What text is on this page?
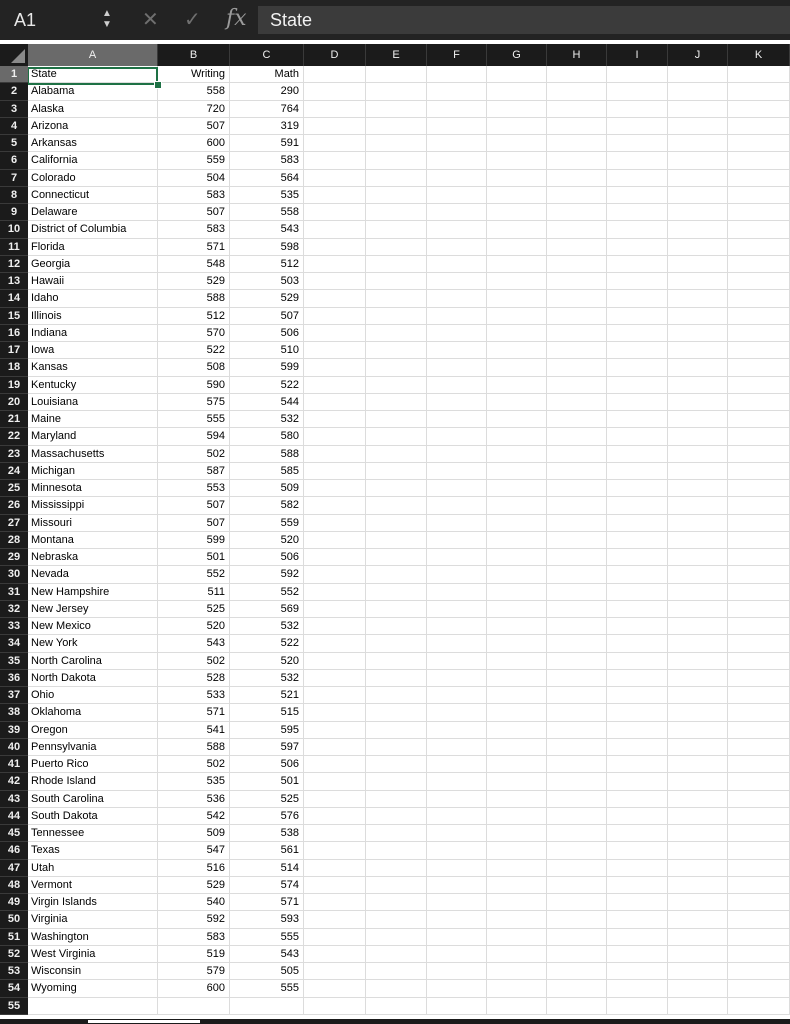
A1	▲
▼ ✕ ✓ fx	State
State	Writing	Math
Alabama	558	290
Alaska	720	764
Arizona	507	319
Arkansas	600	591
California	559	583
Colorado	504	564
Connecticut	583	535
Delaware	507	558
District of Columbia	583	543
Florida	571	598
Georgia	548	512
Hawaii	529	503
Idaho	588	529
Illinois	512	507
Indiana	570	506
Iowa	522	510
Kansas	508	599
Kentucky	590	522
Louisiana	575	544
Maine	555	532
Maryland	594	580
Massachusetts	502	588
Michigan	587	585
Minnesota	553	509
Mississippi	507	582
Missouri	507	559
Montana	599	520
Nebraska	501	506
Nevada	552	592
New Hampshire	511	552
New Jersey	525	569
New Mexico	520	532
New York	543	522
North Carolina	502	520
North Dakota	528	532
Ohio	533	521
Oklahoma	571	515
Oregon	541	595
Pennsylvania	588	597
Puerto Rico	502	506
Rhode Island	535	501
South Carolina	536	525
South Dakota	542	576
Tennessee	509	538
Texas	547	561
Utah	516	514
Vermont	529	574
Virgin Islands	540	571
Virginia	592	593
Washington	583	555
West Virginia	519	543
Wisconsin	579	505
Wyoming	600	555
A	B	C	D	E	F	G	H	I	J	K
1
2
3
4
5
6
7
8
9
10
11
12
13
14
15
16
17
18
19
20
21
22
23
24
25
26
27
28
29
30
31
32
33
34
35
36
37
38
39
40
41
42
43
44
45
46
47
48
49
50
51
52
53
54
55
